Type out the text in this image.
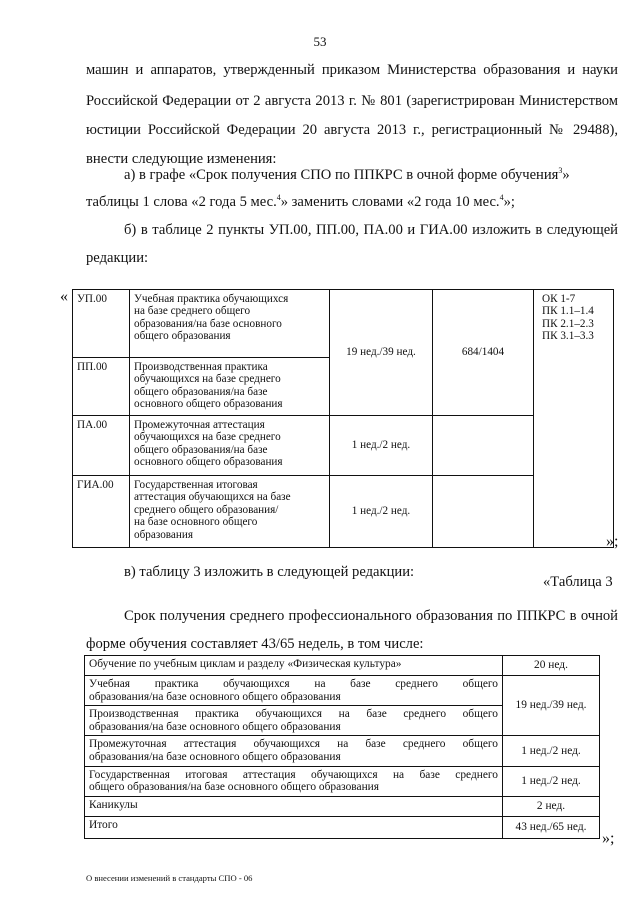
53
машин и аппаратов, утвержденный приказом Министерства образования и науки
Российской Федерации от 2 августа 2013 г. № 801 (зарегистрирован Министерством
юстиции Российской Федерации 20 августа 2013 г., регистрационный № 29488),
внести следующие изменения:
а) в графе «Срок получения СПО по ППКРС в очной форме обучения$^3$»
таблицы 1 слова «2 года 5 мес.$^4$» заменить словами «2 года 10 мес.$^4$»;
б) в таблице 2 пункты УП.00, ПП.00, ПА.00 и ГИА.00 изложить в следующей
редакции:
« УП.00	Учебная практика обучающихся
на базе среднего общего
образования/на базе основного
общего образования	19 нед./39 нед.	684/1404	ОК 1-7
ПК 1.1–1.4
ПК 2.1–2.3
ПК 3.1–3.3

ПП.00	Производственная практика
обучающихся на базе среднего
общего образования/на базе
основного общего образования			

ПА.00	Промежуточная аттестация
обучающихся на базе среднего
общего образования/на базе
основного общего образования	1 нед./2 нед.		
ГИА.00	Государственная итоговая
аттестация обучающихся на базе
среднего общего образования/
на базе основного общего
образования	1 нед./2 нед.		
»;
в) таблицу 3 изложить в следующей редакции:
«Таблица 3
Срок получения среднего профессионального образования по ППКРС в очной
форме обучения составляет 43/65 недель, в том числе:
Обучение по учебным циклам и разделу «Физическая культура»	20 нед.

Учебная практика обучающихся на базе среднего общего
образования/на базе основного общего образования	19 нед./39 нед.

Производственная практика обучающихся на базе среднего общего
образования/на базе основного общего образования	

Промежуточная аттестация обучающихся на базе среднего общего
образования/на базе основного общего образования	1 нед./2 нед.

Государственная итоговая аттестация обучающихся на базе среднего
общего образования/на базе основного общего образования	1 нед./2 нед.
Каникулы	2 нед.
Итого	43 нед./65 нед.
»;
О внесении изменений в стандарты СПО - 06
